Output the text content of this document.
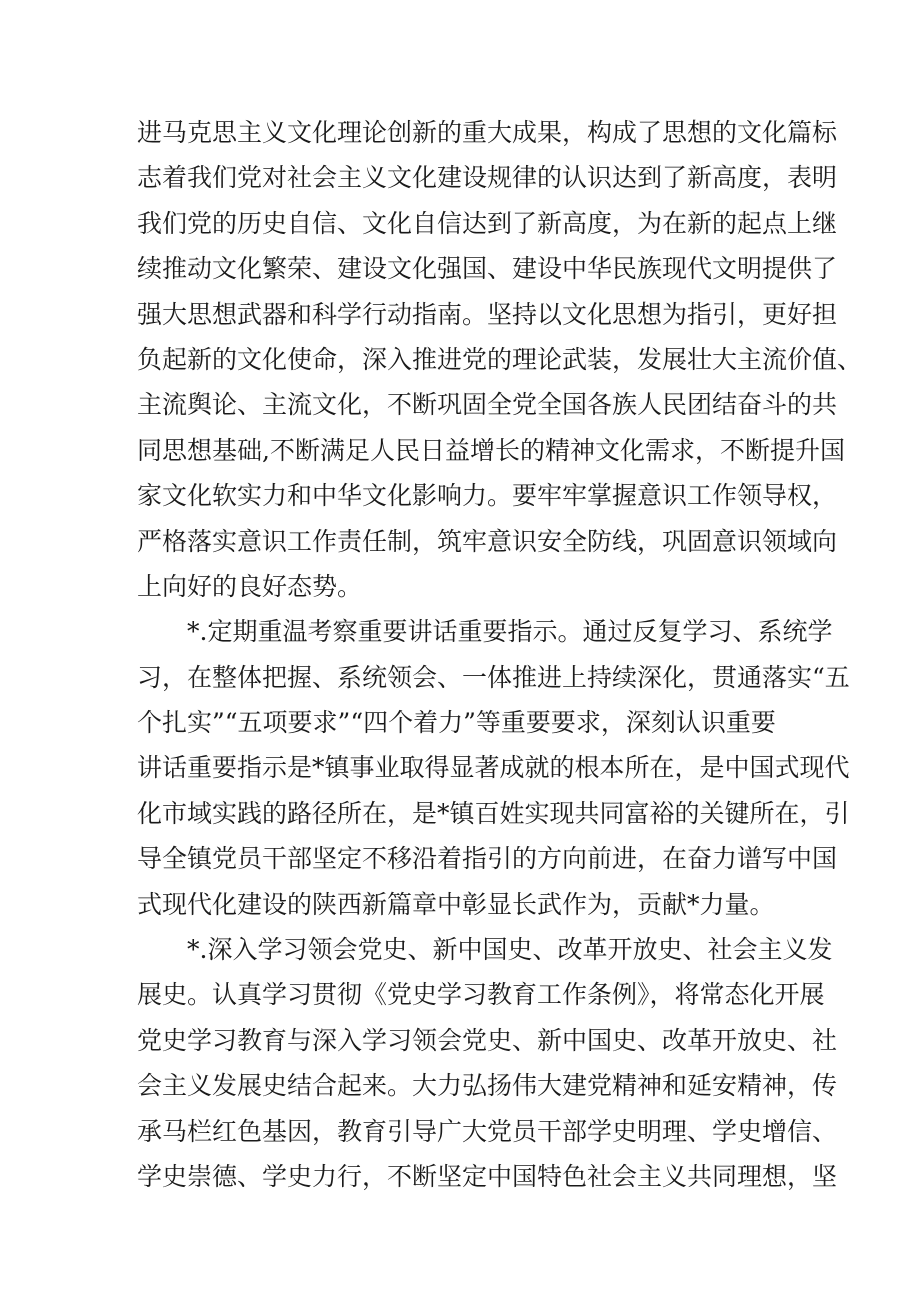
进马克思主义文化理论创新的重大成果，构成了思想的文化篇标
志着我们党对社会主义文化建设规律的认识达到了新高度，表明
我们党的历史自信、文化自信达到了新高度，为在新的起点上继
续推动文化繁荣、建设文化强国、建设中华民族现代文明提供了
强大思想武器和科学行动指南。坚持以文化思想为指引，更好担
负起新的文化使命，深入推进党的理论武装，发展壮大主流价值、
主流舆论、主流文化，不断巩固全党全国各族人民团结奋斗的共
同思想基础,不断满足人民日益增长的精神文化需求，不断提升国
家文化软实力和中华文化影响力。要牢牢掌握意识工作领导权，
严格落实意识工作责任制，筑牢意识安全防线，巩固意识领域向
上向好的良好态势。
　　*.定期重温考察重要讲话重要指示。通过反复学习、系统学
习，在整体把握、系统领会、一体推进上持续深化，贯通落实“五
个扎实”“五项要求”“四个着力”等重要要求，深刻认识重要
讲话重要指示是*镇事业取得显著成就的根本所在，是中国式现代
化市域实践的路径所在，是*镇百姓实现共同富裕的关键所在，引
导全镇党员干部坚定不移沿着指引的方向前进，在奋力谱写中国
式现代化建设的陕西新篇章中彰显长武作为，贡献*力量。
　　*.深入学习领会党史、新中国史、改革开放史、社会主义发
展史。认真学习贯彻《党史学习教育工作条例》，将常态化开展
党史学习教育与深入学习领会党史、新中国史、改革开放史、社
会主义发展史结合起来。大力弘扬伟大建党精神和延安精神，传
承马栏红色基因，教育引导广大党员干部学史明理、学史增信、
学史崇德、学史力行，不断坚定中国特色社会主义共同理想，坚
